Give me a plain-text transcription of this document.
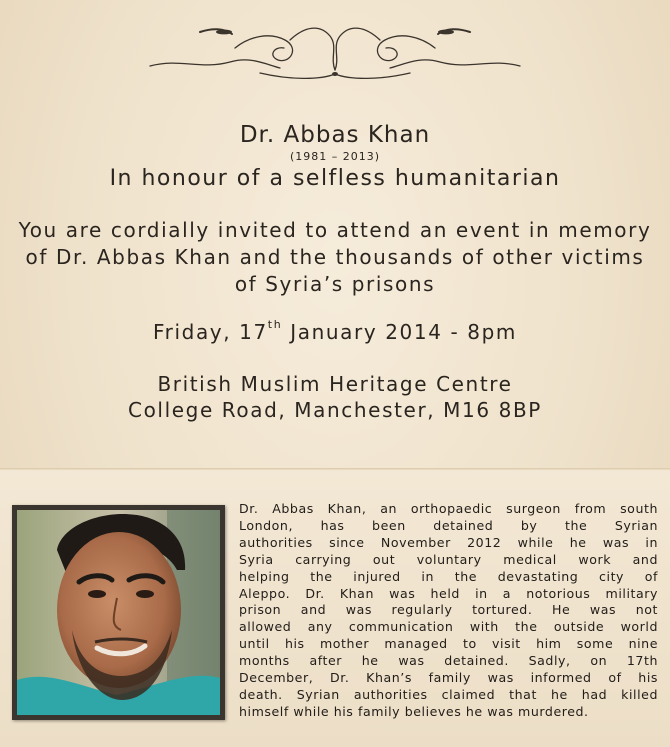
Dr. Abbas Khan
(1981 – 2013)
In honour of a selfless humanitarian
You are cordially invited to attend an event in memory
of Dr. Abbas Khan and the thousands of other victims
of Syria’s prisons
Friday, 17th January 2014 - 8pm
British Muslim Heritage Centre
College Road, Manchester, M16 8BP
Dr. Abbas Khan, an orthopaedic surgeon from south
London, has been detained by the Syrian
authorities since November 2012 while he was in
Syria carrying out voluntary medical work and
helping the injured in the devastating city of
Aleppo. Dr. Khan was held in a notorious military
prison and was regularly tortured. He was not
allowed any communication with the outside world
until his mother managed to visit him some nine
months after he was detained. Sadly, on 17th
December, Dr. Khan’s family was informed of his
death. Syrian authorities claimed that he had killed
himself while his family believes he was murdered.
